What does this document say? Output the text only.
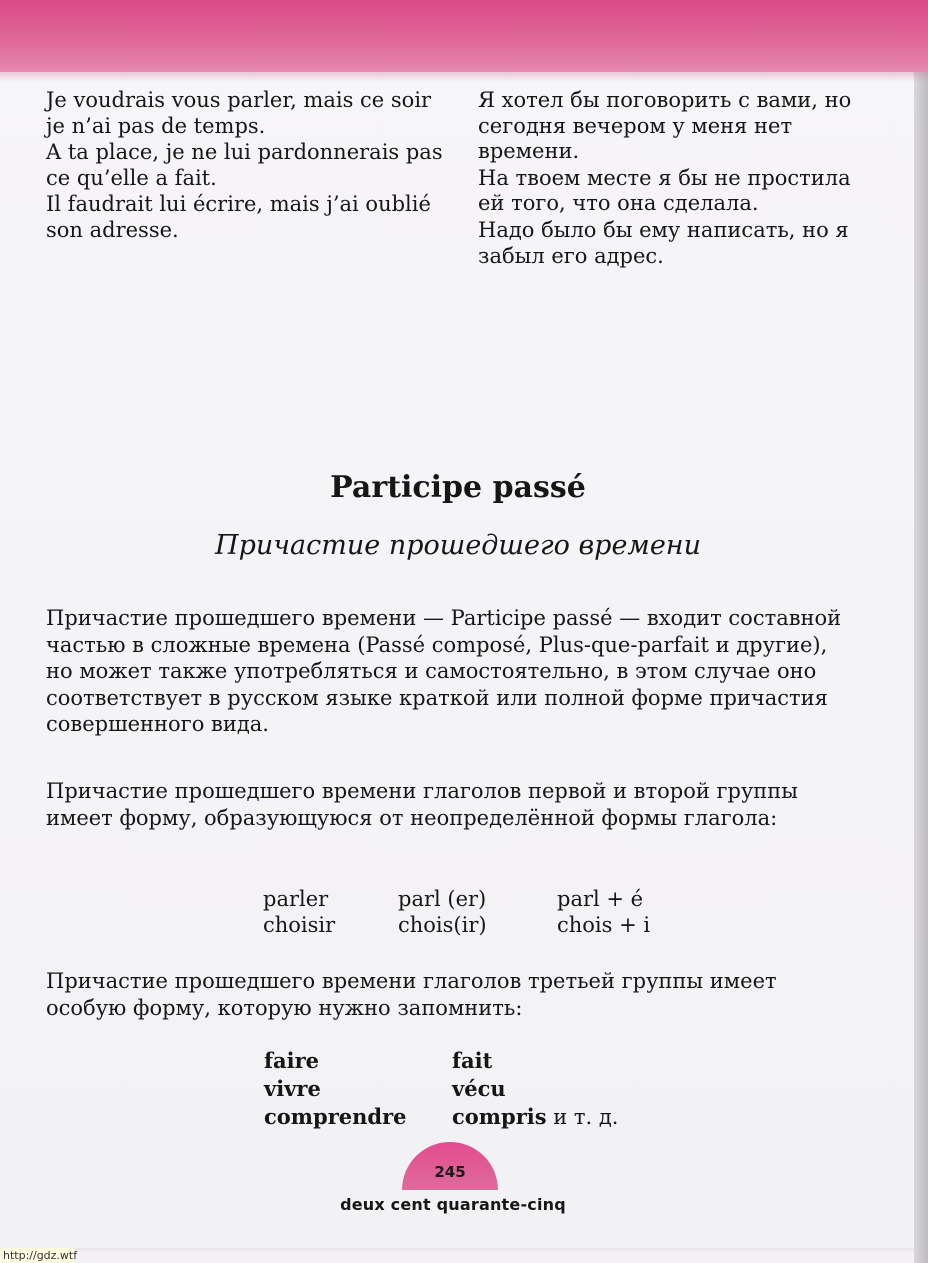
Je voudrais vous parler, mais ce soir je n’ai pas de temps.

A ta place, je ne lui pardonnerais pas ce qu’elle a fait.

Il faudrait lui écrire, mais j’ai oublié son adresse.

Я хотел бы поговорить с вами, но сегодня вечером у меня нет времени.

На твоем месте я бы не простила ей того, что она сделала.

Надо было бы ему написать, но я забыл его адрес.

Participe passé
Причастие прошедшего времени

Причастие прошедшего времени — Participe passé — входит составной частью в сложные времена (Passé composé, Plus-que-parfait и другие), но может также употребляться и самостоятельно, в этом случае оно соответствует в русском языке краткой или полной форме причастия совершенного вида.

Причастие прошедшего времени глаголов первой и второй группы имеет форму, образующуюся от неопределённой формы глагола:

parler
choisir
parl (er)
chois(ir)
parl + é
chois + i

Причастие прошедшего времени глаголов третьей группы имеет особую форму, которую нужно запомнить:

faire
vivre
comprendre
fait
vécu
compris и т. д.
245
deux cent quarante-cinq
http://gdz.wtf
